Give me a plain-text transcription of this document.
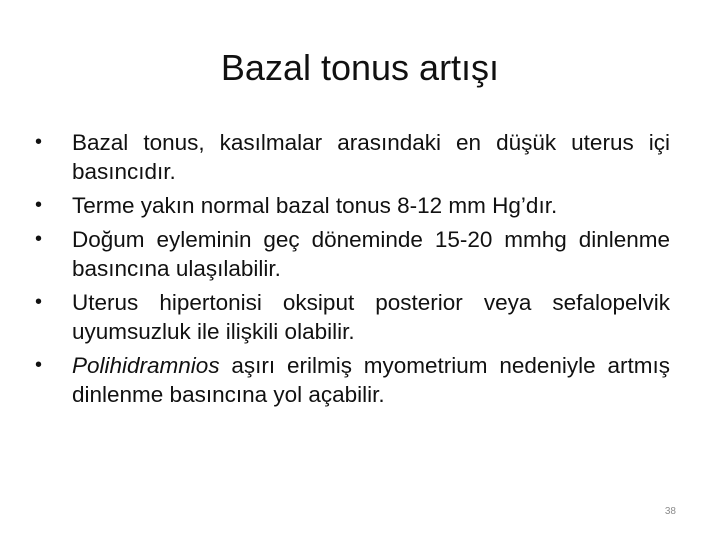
Bazal tonus artışı
• Bazal tonus, kasılmalar arasındaki en düşük uterus içi basıncıdır.
• Terme yakın normal bazal tonus 8-12 mm Hg’dır.
• Doğum eyleminin geç döneminde 15-20 mmhg dinlenme basıncına ulaşılabilir.
• Uterus hipertonisi oksiput posterior veya sefalopelvik uyumsuzluk ile ilişkili olabilir.
• Polihidramnios aşırı erilmiş myometrium nedeniyle artmış dinlenme basıncına yol açabilir.
38
